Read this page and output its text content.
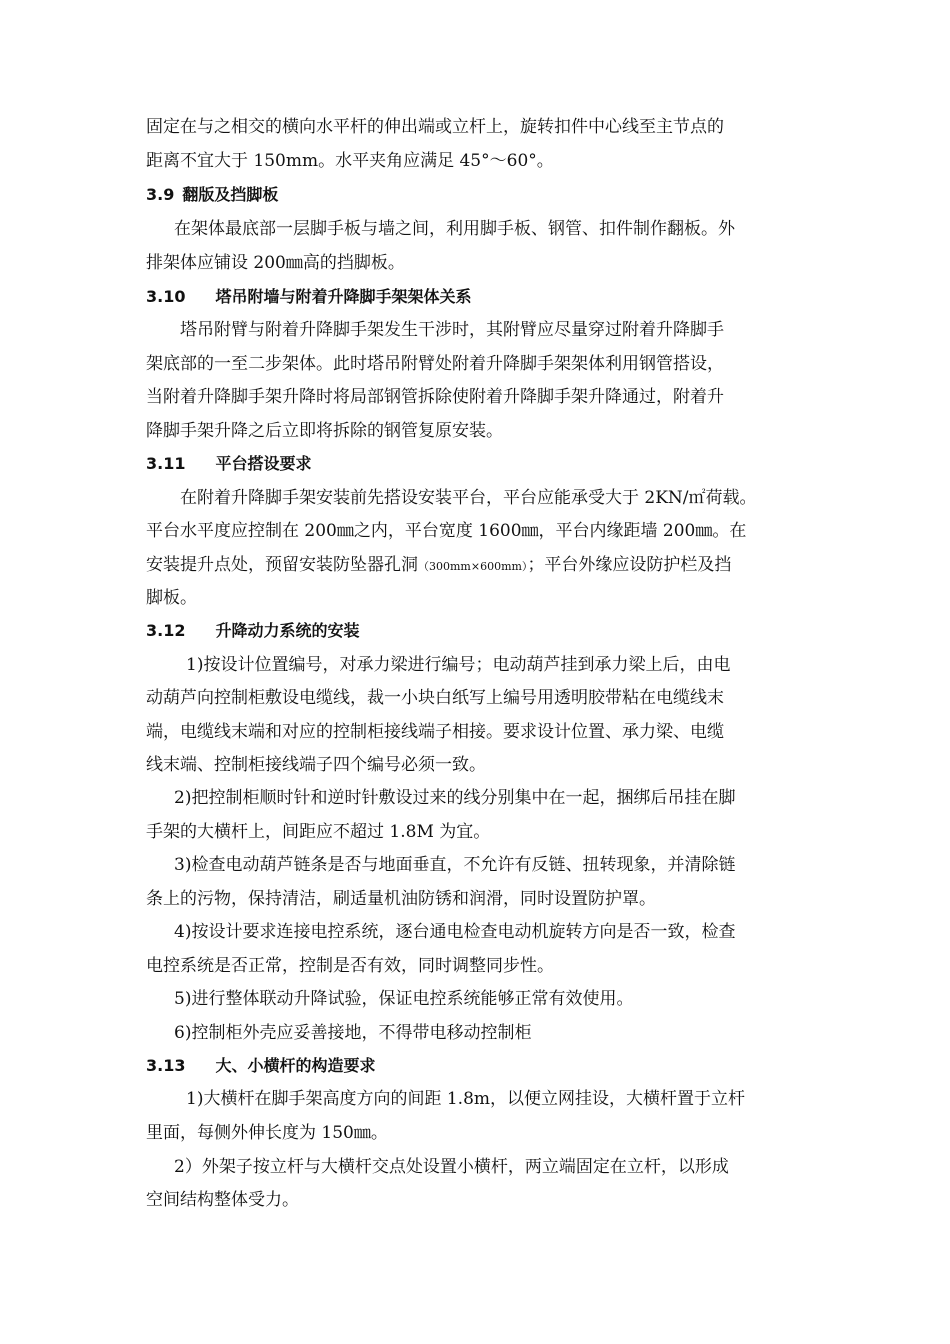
固定在与之相交的横向水平杆的伸出端或立杆上，旋转扣件中心线至主节点的
距离不宜大于 150mm。水平夹角应满足 45°～60°。
3.9 翻版及挡脚板
在架体最底部一层脚手板与墙之间，利用脚手板、钢管、扣件制作翻板。外
排架体应铺设 200㎜高的挡脚板。
3.10 塔吊附墙与附着升降脚手架架体关系
塔吊附臂与附着升降脚手架发生干涉时，其附臂应尽量穿过附着升降脚手
架底部的一至二步架体。此时塔吊附臂处附着升降脚手架架体利用钢管搭设，
当附着升降脚手架升降时将局部钢管拆除使附着升降脚手架升降通过，附着升
降脚手架升降之后立即将拆除的钢管复原安装。
3.11 平台搭设要求
在附着升降脚手架安装前先搭设安装平台，平台应能承受大于 2KN/㎡荷载。
平台水平度应控制在 200㎜之内，平台宽度 1600㎜，平台内缘距墙 200㎜。在
安装提升点处，预留安装防坠器孔洞（300mm×600mm）；平台外缘应设防护栏及挡
脚板。
3.12 升降动力系统的安装
1)按设计位置编号，对承力梁进行编号；电动葫芦挂到承力梁上后，由电
动葫芦向控制柜敷设电缆线，裁一小块白纸写上编号用透明胶带粘在电缆线末
端，电缆线末端和对应的控制柜接线端子相接。要求设计位置、承力梁、电缆
线末端、控制柜接线端子四个编号必须一致。
2)把控制柜顺时针和逆时针敷设过来的线分别集中在一起，捆绑后吊挂在脚
手架的大横杆上，间距应不超过 1.8M 为宜。
3)检查电动葫芦链条是否与地面垂直，不允许有反链、扭转现象，并清除链
条上的污物，保持清洁，刷适量机油防锈和润滑，同时设置防护罩。
4)按设计要求连接电控系统，逐台通电检查电动机旋转方向是否一致，检查
电控系统是否正常，控制是否有效，同时调整同步性。
5)进行整体联动升降试验，保证电控系统能够正常有效使用。
6)控制柜外壳应妥善接地，不得带电移动控制柜
3.13 大、小横杆的构造要求
1)大横杆在脚手架高度方向的间距 1.8m，以便立网挂设，大横杆置于立杆
里面，每侧外伸长度为 150㎜。
2）外架子按立杆与大横杆交点处设置小横杆，两立端固定在立杆，以形成
空间结构整体受力。
